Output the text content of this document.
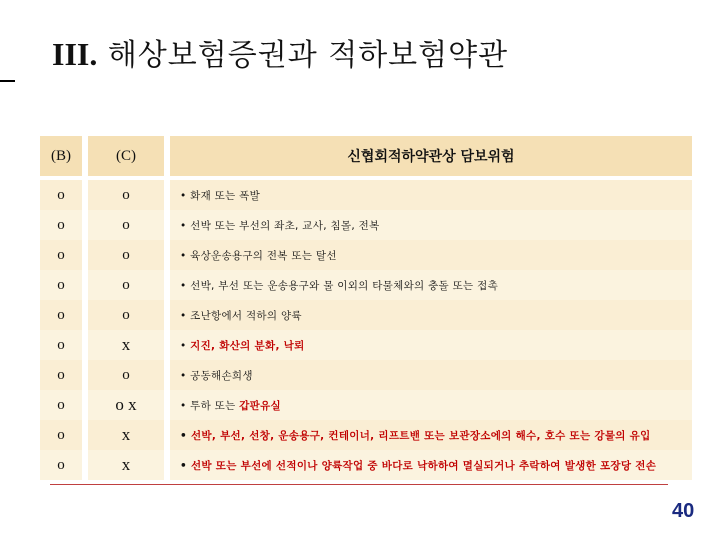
III. 해상보험증권과 적하보험약관
(B)	(C)	신협회적하약관상 담보위험
ο	ο	• 화재 또는 폭발
ο	ο	• 선박 또는 부선의 좌초, 교사, 침몰, 전복
ο	ο	• 육상운송용구의 전복 또는 탈선
ο	ο	• 선박, 부선 또는 운송용구와 물 이외의 타물체와의 충돌 또는 접촉
ο	ο	• 조난항에서 적하의 양륙
ο	x	• 지진, 화산의 분화, 낙뢰
ο	ο	• 공동해손희생
ο	ο x	• 투하 또는 갑판유실
ο	x	• 선박, 부선, 선창, 운송용구, 컨테이너, 리프트밴 또는 보관장소에의 해수, 호수 또는 강물의 유입
ο	x	• 선박 또는 부선에 선적이나 양륙작업 중 바다로 낙하하여 멸실되거나 추락하여 발생한 포장당 전손
40
